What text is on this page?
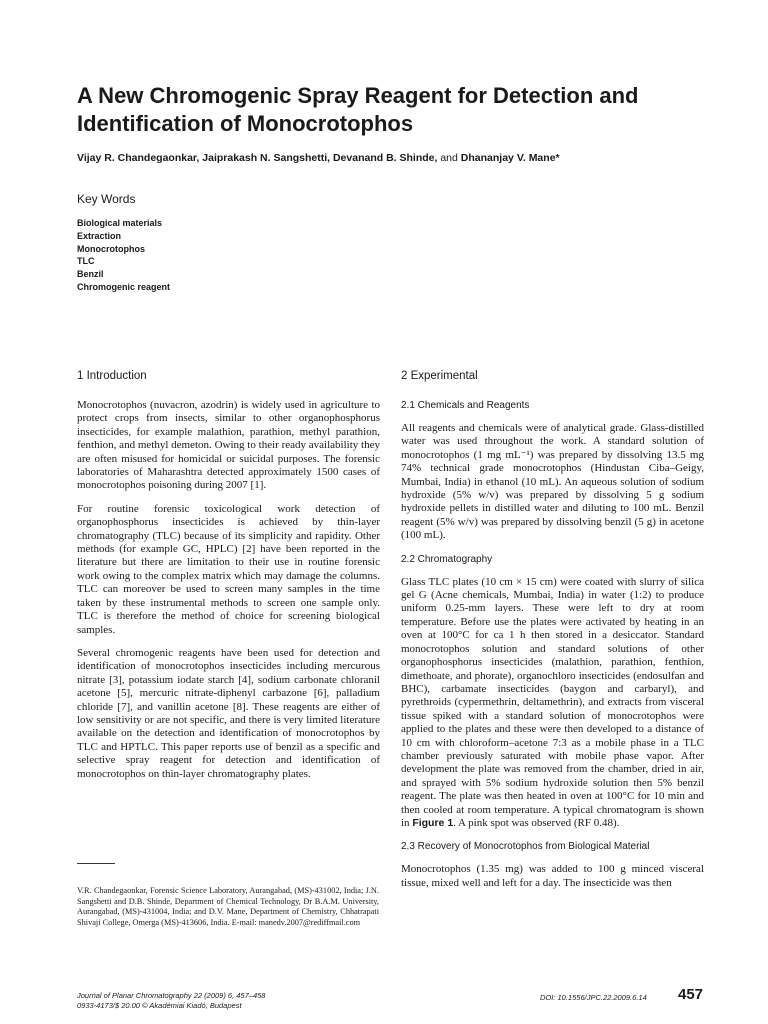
A New Chromogenic Spray Reagent for Detection and Identification of Monocrotophos
Vijay R. Chandegaonkar, Jaiprakash N. Sangshetti, Devanand B. Shinde, and Dhananjay V. Mane*
Key Words
Biological materials
Extraction
Monocrotophos
TLC
Benzil
Chromogenic reagent
1 Introduction

Monocrotophos (nuvacron, azodrin) is widely used in agriculture to protect crops from insects, similar to other organophosphorus insecticides, for example malathion, parathion, methyl parathion, fenthion, and methyl demeton. Owing to their ready availability they are often misused for homicidal or suicidal purposes. The forensic laboratories of Maharashtra detected approximately 1500 cases of monocrotophos poisoning during 2007 [1].

For routine forensic toxicological work detection of organophosphorus insecticides is achieved by thin-layer chromatography (TLC) because of its simplicity and rapidity. Other methods (for example GC, HPLC) [2] have been reported in the literature but there are limitation to their use in routine forensic work owing to the complex matrix which may damage the columns. TLC can moreover be used to screen many samples in the time taken by these instrumental methods to screen one sample only. TLC is therefore the method of choice for screening biological samples.

Several chromogenic reagents have been used for detection and identification of monocrotophos insecticides including mercurous nitrate [3], potassium iodate starch [4], sodium carbonate chloranil acetone [5], mercuric nitrate-diphenyl carbazone [6], palladium chloride [7], and vanillin acetone [8]. These reagents are either of low sensitivity or are not specific, and there is very limited literature available on the detection and identification of monocrotophos by TLC and HPTLC. This paper reports use of benzil as a specific and selective spray reagent for detection and identification of monocrotophos on thin-layer chromatography plates.

2 Experimental
2.1 Chemicals and Reagents

All reagents and chemicals were of analytical grade. Glass-distilled water was used throughout the work. A standard solution of monocrotophos (1 mg mL⁻¹) was prepared by dissolving 13.5 mg 74% technical grade monocrotophos (Hindustan Ciba–Geigy, Mumbai, India) in ethanol (10 mL). An aqueous solution of sodium hydroxide (5% w/v) was prepared by dissolving 5 g sodium hydroxide pellets in distilled water and diluting to 100 mL. Benzil reagent (5% w/v) was prepared by dissolving benzil (5 g) in acetone (100 mL).

2.2 Chromatography

Glass TLC plates (10 cm × 15 cm) were coated with slurry of silica gel G (Acne chemicals, Mumbai, India) in water (1:2) to produce uniform 0.25-mm layers. These were left to dry at room temperature. Before use the plates were activated by heating in an oven at 100°C for ca 1 h then stored in a desiccator. Standard monocrotophos solution and standard solutions of other organophosphorus insecticides (malathion, parathion, fenthion, dimethoate, and phorate), organochloro insecticides (endosulfan and BHC), carbamate insecticides (baygon and carbaryl), and pyrethroids (cypermethrin, deltamethrin), and extracts from visceral tissue spiked with a standard solution of monocrotophos were applied to the plates and these were then developed to a distance of 10 cm with chloroform–acetone 7:3 as a mobile phase in a TLC chamber previously saturated with mobile phase vapor. After development the plate was removed from the chamber, dried in air, and sprayed with 5% sodium hydroxide solution then 5% benzil reagent. The plate was then heated in oven at 100°C for 10 min and then cooled at room temperature. A typical chromatogram is shown in Figure 1. A pink spot was observed (RF 0.48).

2.3 Recovery of Monocrotophos from Biological Material

Monocrotophos (1.35 mg) was added to 100 g minced visceral tissue, mixed well and left for a day. The insecticide was then

V.R. Chandegaonkar, Forensic Science Laboratory, Aurangabad, (MS)-431002, India; J.N. Sangshetti and D.B. Shinde, Department of Chemical Technology, Dr B.A.M. University, Aurangabad, (MS)-431004, India; and D.V. Mane, Department of Chemistry, Chhatrapati Shivaji College, Omerga (MS)-413606, India. E-mail: manedv.2007@rediffmail.com

Journal of Planar Chromatography 22 (2009) 6, 457–458
0933-4173/$ 20.00 © Akadémiai Kiadó, Budapest
DOI: 10.1556/JPC.22.2009.6.14 457
